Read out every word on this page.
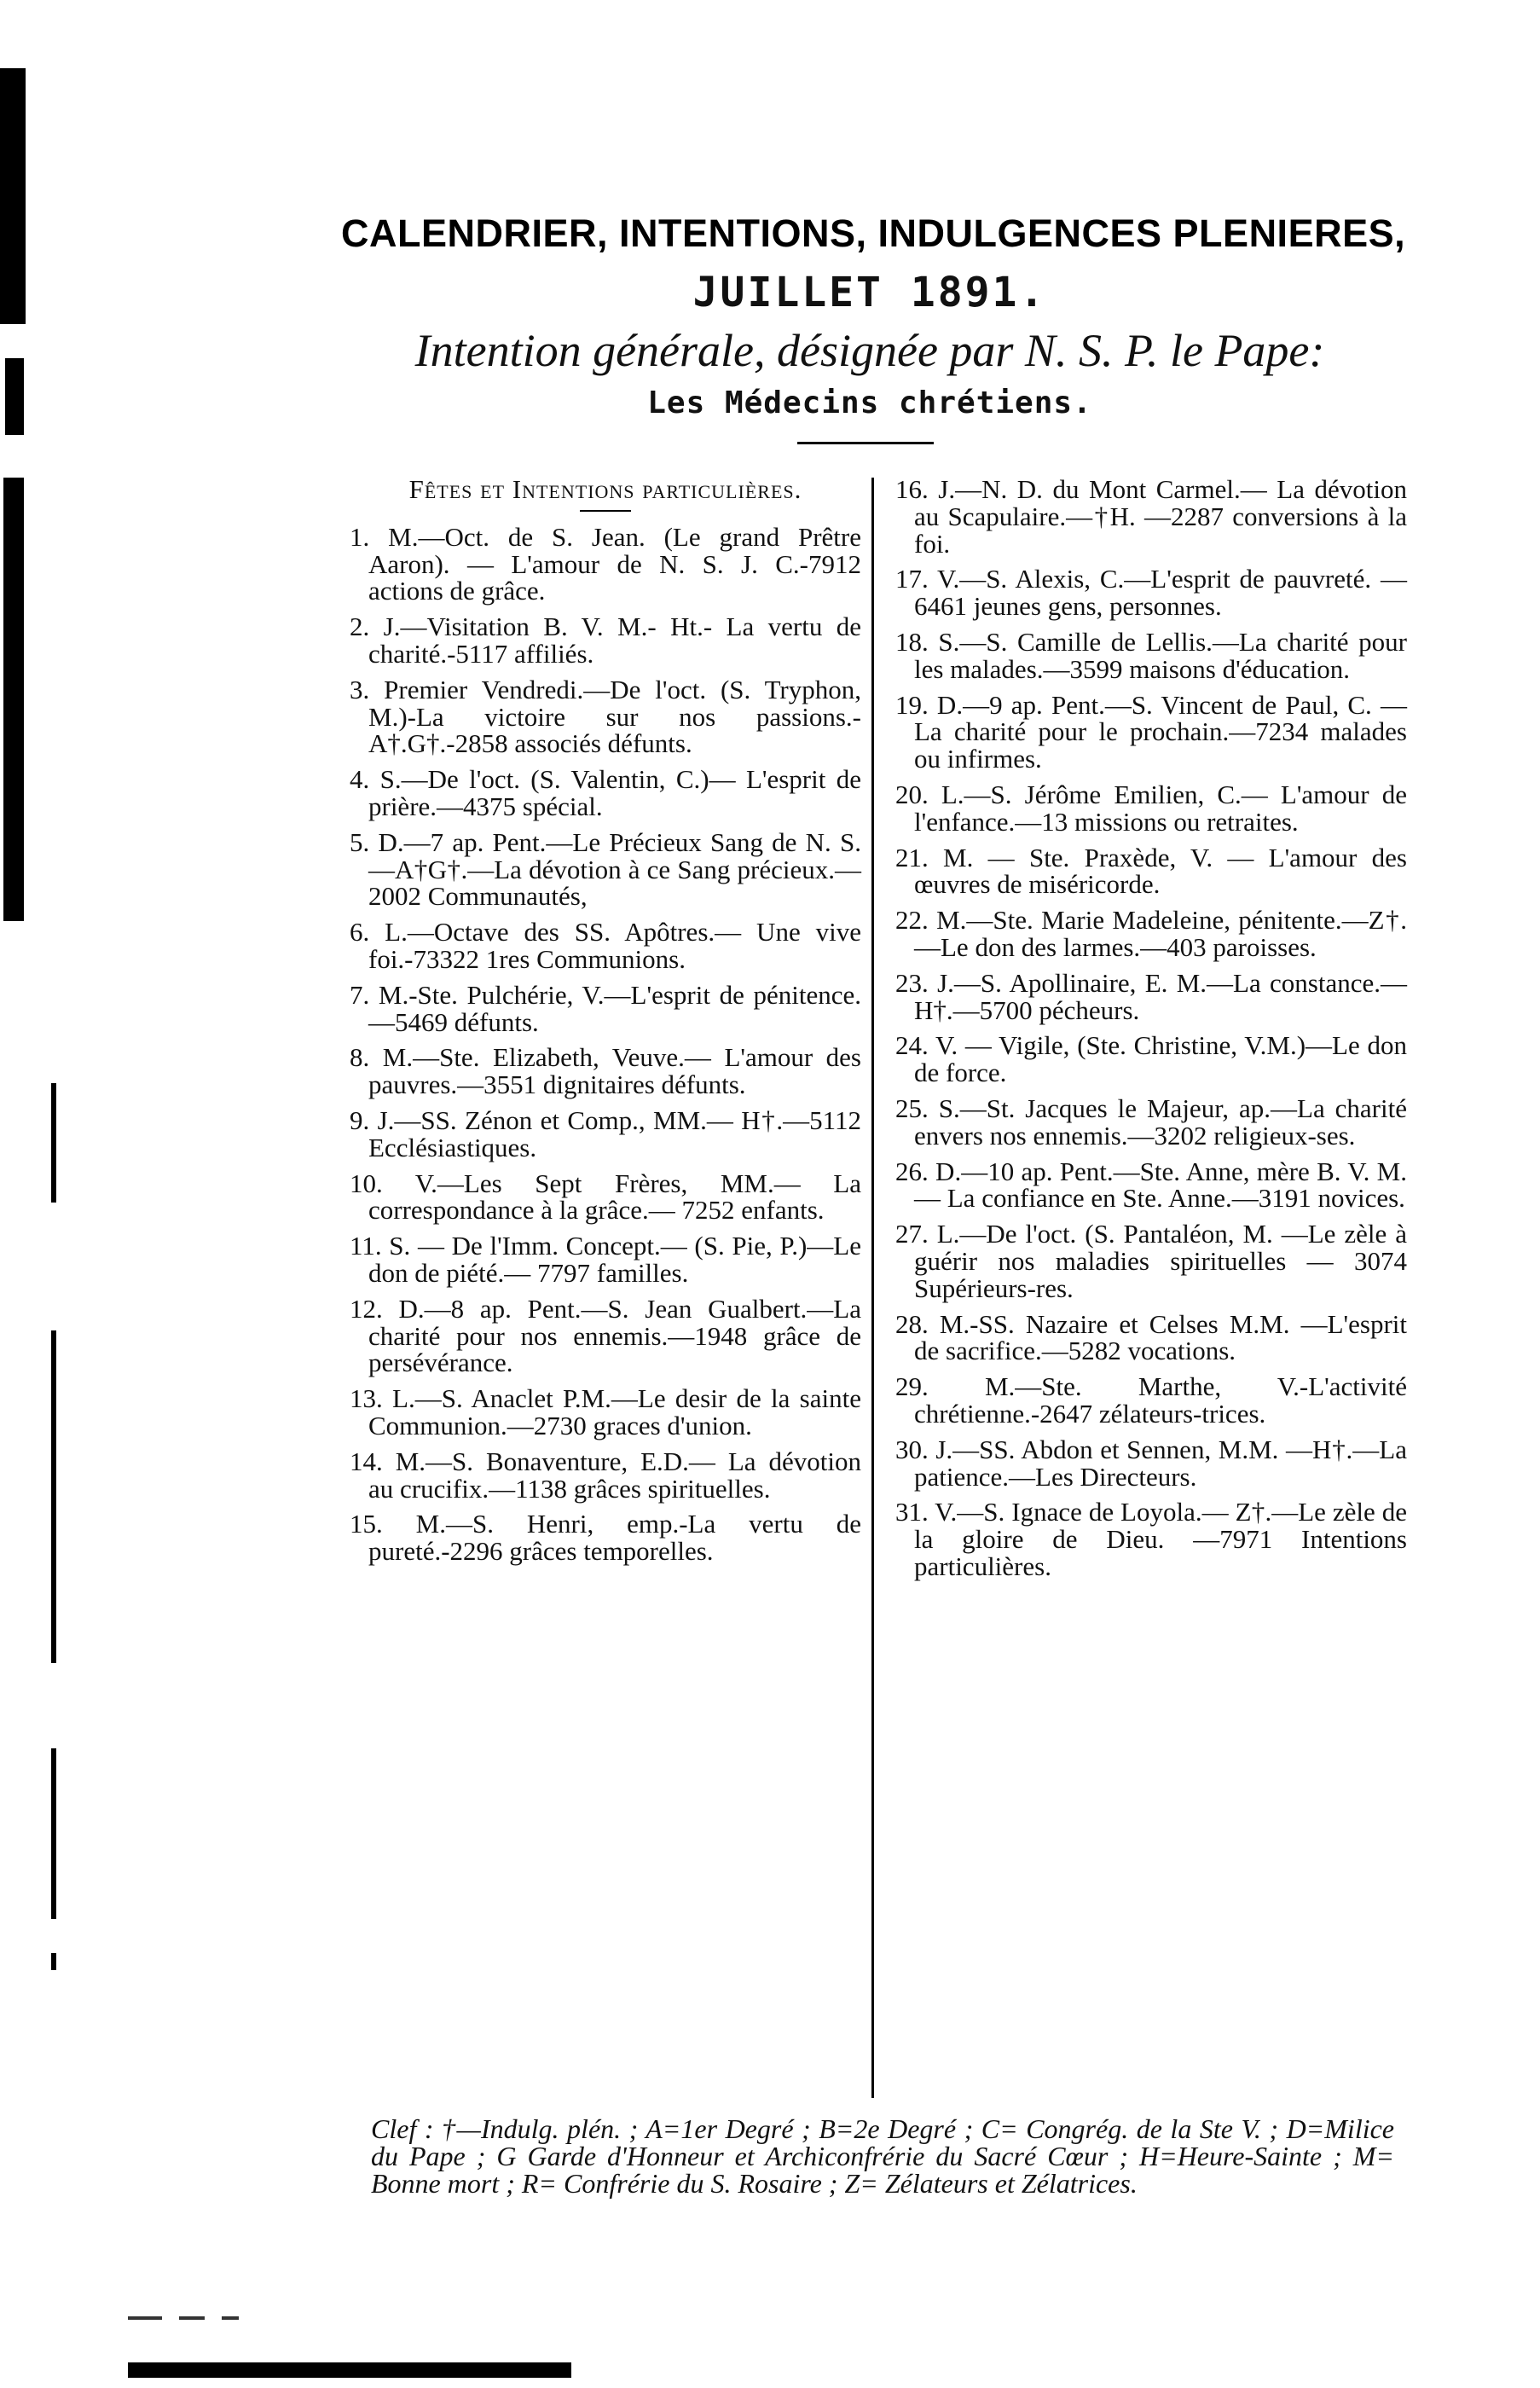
CALENDRIER, INTENTIONS, INDULGENCES PLENIERES,
JUILLET 1891.
Intention générale, désignée par N. S. P. le Pape:
Les Médecins chrétiens.
Fêtes et Intentions particulières.
1. M.—Oct. de S. Jean. (Le grand Prêtre Aaron). — L'amour de N. S. J. C.-7912 actions de grâce.
2. J.—Visitation B. V. M.- Ht.- La vertu de charité.-5117 affiliés.
3. Premier Vendredi.—De l'oct. (S. Tryphon, M.)-La victoire sur nos passions.-A†.G†.-2858 associés défunts.
4. S.—De l'oct. (S. Valentin, C.)— L'esprit de prière.—4375 spécial.
5. D.—7 ap. Pent.—Le Précieux Sang de N. S.—A†G†.—La dévotion à ce Sang précieux.—2002 Communautés,
6. L.—Octave des SS. Apôtres.— Une vive foi.-73322 1res Communions.
7. M.-Ste. Pulchérie, V.—L'esprit de pénitence.—5469 défunts.
8. M.—Ste. Elizabeth, Veuve.— L'amour des pauvres.—3551 dignitaires défunts.
9. J.—SS. Zénon et Comp., MM.— H†.—5112 Ecclésiastiques.
10. V.—Les Sept Frères, MM.— La correspondance à la grâce.— 7252 enfants.
11. S. — De l'Imm. Concept.— (S. Pie, P.)—Le don de piété.— 7797 familles.
12. D.—8 ap. Pent.—S. Jean Gualbert.—La charité pour nos ennemis.—1948 grâce de persévérance.
13. L.—S. Anaclet P.M.—Le desir de la sainte Communion.—2730 graces d'union.
14. M.—S. Bonaventure, E.D.— La dévotion au crucifix.—1138 grâces spirituelles.
15. M.—S. Henri, emp.-La vertu de pureté.-2296 grâces temporelles.
16. J.—N. D. du Mont Carmel.— La dévotion au Scapulaire.—†H. —2287 conversions à la foi.
17. V.—S. Alexis, C.—L'esprit de pauvreté. — 6461 jeunes gens, personnes.
18. S.—S. Camille de Lellis.—La charité pour les malades.—3599 maisons d'éducation.
19. D.—9 ap. Pent.—S. Vincent de Paul, C. — La charité pour le prochain.—7234 malades ou infirmes.
20. L.—S. Jérôme Emilien, C.— L'amour de l'enfance.—13 missions ou retraites.
21. M. — Ste. Praxède, V. — L'amour des œuvres de miséricorde.
22. M.—Ste. Marie Madeleine, pénitente.—Z†.—Le don des larmes.—403 paroisses.
23. J.—S. Apollinaire, E. M.—La constance.—H†.—5700 pécheurs.
24. V. — Vigile, (Ste. Christine, V.M.)—Le don de force.
25. S.—St. Jacques le Majeur, ap.—La charité envers nos ennemis.—3202 religieux-ses.
26. D.—10 ap. Pent.—Ste. Anne, mère B. V. M.— La confiance en Ste. Anne.—3191 novices.
27. L.—De l'oct. (S. Pantaléon, M. —Le zèle à guérir nos maladies spirituelles — 3074 Supérieurs-res.
28. M.-SS. Nazaire et Celses M.M. —L'esprit de sacrifice.—5282 vocations.
29. M.—Ste. Marthe, V.-L'activité chrétienne.-2647 zélateurs-trices.
30. J.—SS. Abdon et Sennen, M.M. —H†.—La patience.—Les Directeurs.
31. V.—S. Ignace de Loyola.— Z†.—Le zèle de la gloire de Dieu. —7971 Intentions particulières.
Clef : †—Indulg. plén. ; A=1er Degré ; B=2e Degré ; C= Congrég. de la Ste V. ; D=Milice du Pape ; G Garde d'Honneur et Archiconfrérie du Sacré Cœur ; H=Heure-Sainte ; M= Bonne mort ; R= Confrérie du S. Rosaire ; Z= Zélateurs et Zélatrices.
